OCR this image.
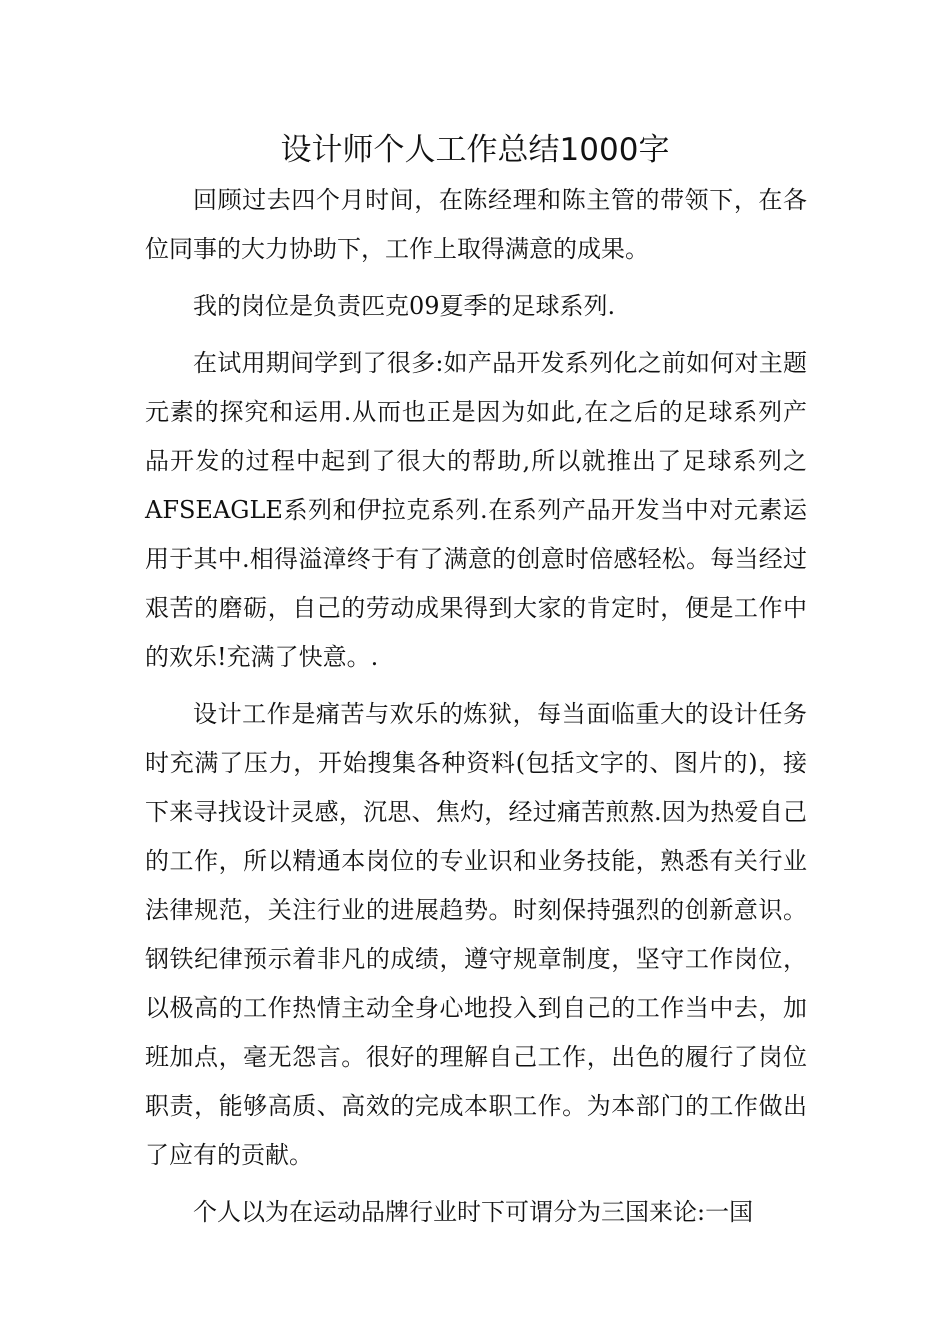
设计师个人工作总结1000字

回顾过去四个月时间，在陈经理和陈主管的带领下，在各位同事的大力协助下，工作上取得满意的成果。

我的岗位是负责匹克09夏季的足球系列.

在试用期间学到了很多:如产品开发系列化之前如何对主题元素的探究和运用.从而也正是因为如此,在之后的足球系列产品开发的过程中起到了很大的帮助,所以就推出了足球系列之AFSEAGLE系列和伊拉克系列.在系列产品开发当中对元素运用于其中.相得溢漳终于有了满意的创意时倍感轻松。每当经过艰苦的磨砺，自己的劳动成果得到大家的肯定时，便是工作中的欢乐!充满了快意。.

设计工作是痛苦与欢乐的炼狱，每当面临重大的设计任务时充满了压力，开始搜集各种资料(包括文字的、图片的)，接下来寻找设计灵感，沉思、焦灼，经过痛苦煎熬.因为热爱自己的工作，所以精通本岗位的专业识和业务技能，熟悉有关行业法律规范，关注行业的进展趋势。时刻保持强烈的创新意识。钢铁纪律预示着非凡的成绩，遵守规章制度，坚守工作岗位，以极高的工作热情主动全身心地投入到自己的工作当中去，加班加点，毫无怨言。很好的理解自己工作，出色的履行了岗位职责，能够高质、高效的完成本职工作。为本部门的工作做出了应有的贡献。

个人以为在运动品牌行业时下可谓分为三国来论:一国
